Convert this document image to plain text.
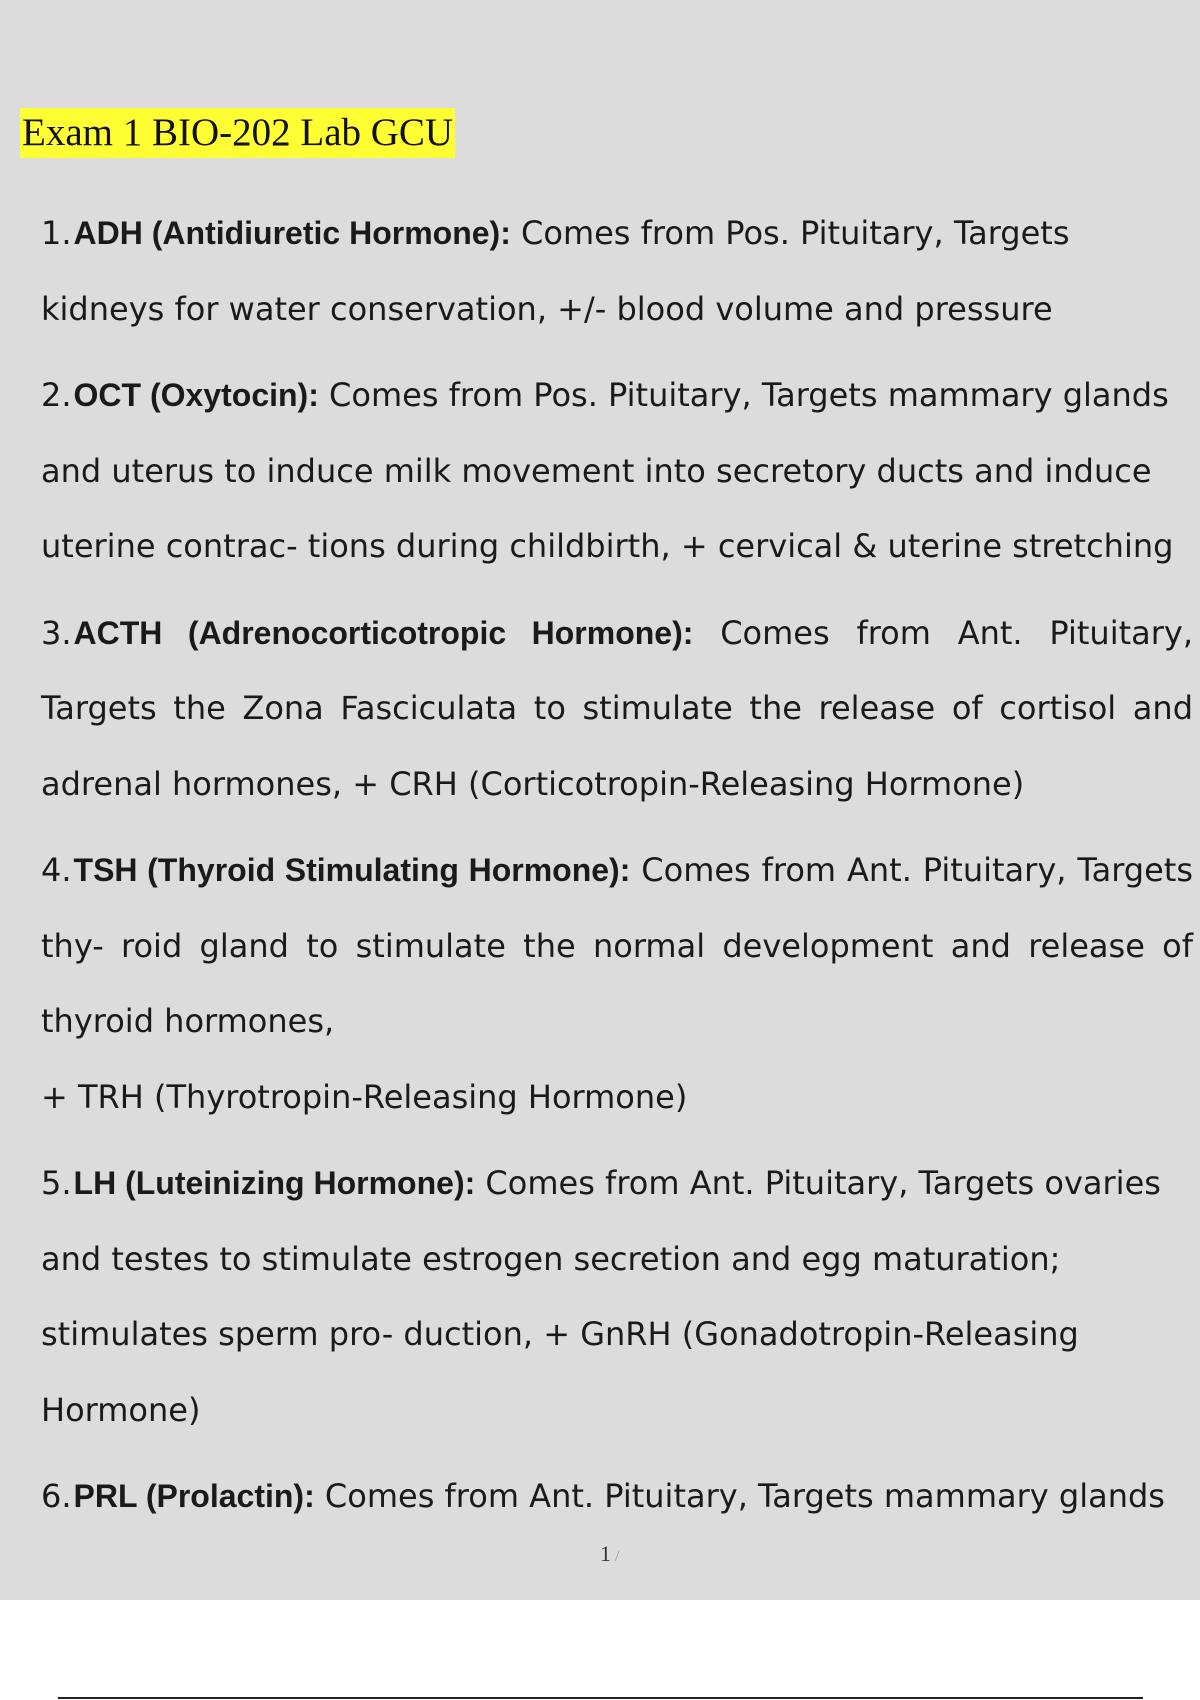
Exam 1 BIO-202 Lab GCU
1.ADH (Antidiuretic Hormone): Comes from Pos. Pituitary, Targets kidneys for water conservation, +/- blood volume and pressure
2.OCT (Oxytocin): Comes from Pos. Pituitary, Targets mammary glands and uterus to induce milk movement into secretory ducts and induce uterine contrac- tions during childbirth, + cervical & uterine stretching
3.ACTH (Adrenocorticotropic Hormone): Comes from Ant. Pituitary, Targets the Zona Fasciculata to stimulate the release of cortisol and adrenal hormones, + CRH (Corticotropin-Releasing Hormone)
4.TSH (Thyroid Stimulating Hormone): Comes from Ant. Pituitary, Targets thy- roid gland to stimulate the normal development and release of thyroid hormones,
+ TRH (Thyrotropin-Releasing Hormone)
5.LH (Luteinizing Hormone): Comes from Ant. Pituitary, Targets ovaries and testes to stimulate estrogen secretion and egg maturation; stimulates sperm pro- duction, + GnRH (Gonadotropin-Releasing Hormone)
6.PRL (Prolactin): Comes from Ant. Pituitary, Targets mammary glands
1 /
